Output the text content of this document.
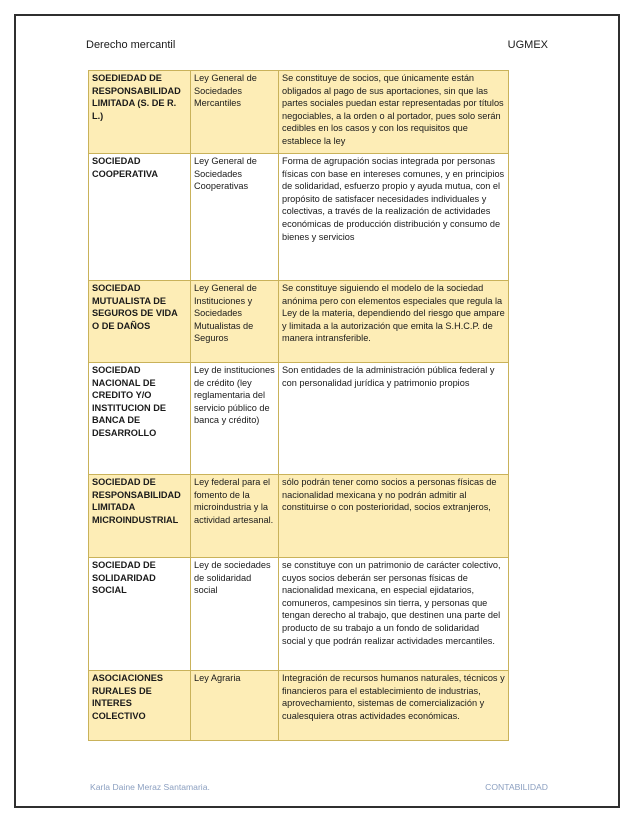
Derecho mercantil	UGMEX
SOEDIEDAD DE RESPONSABILIDAD LIMITADA (S. DE R. L.)	Ley General de Sociedades Mercantiles	Se constituye de socios, que únicamente están obligados al pago de sus aportaciones, sin que las partes sociales puedan estar representadas por títulos negociables, a la orden o al portador, pues solo serán cedibles en los casos y con los requisitos que establece la ley
SOCIEDAD COOPERATIVA	Ley General de Sociedades Cooperativas	Forma de agrupación socias integrada por personas físicas con base en intereses comunes, y en principios de solidaridad, esfuerzo propio y ayuda mutua, con el propósito de satisfacer necesidades individuales y colectivas, a través de la realización de actividades económicas de producción distribución y consumo de bienes y servicios
SOCIEDAD MUTUALISTA DE SEGUROS DE VIDA O DE DAÑOS	Ley General de Instituciones y Sociedades Mutualistas de Seguros	Se constituye siguiendo el modelo de la sociedad anónima pero con elementos especiales que regula la Ley de la materia, dependiendo del riesgo que ampare y limitada a la autorización que emita la S.H.C.P. de manera intransferible.
SOCIEDAD NACIONAL DE CREDITO Y/O INSTITUCION DE BANCA DE DESARROLLO	Ley de instituciones de crédito (ley reglamentaria del servicio público de banca y crédito)	Son entidades de la administración pública federal y con personalidad jurídica y patrimonio propios
SOCIEDAD DE RESPONSABILIDAD LIMITADA MICROINDUSTRIAL	Ley federal para el fomento de la microindustria y la actividad artesanal.	sólo podrán tener como socios a personas físicas de nacionalidad mexicana y no podrán admitir al constituirse o con posterioridad, socios extranjeros,
SOCIEDAD DE SOLIDARIDAD SOCIAL	Ley de sociedades de solidaridad social	se constituye con un patrimonio de carácter colectivo, cuyos socios deberán ser personas físicas de nacionalidad mexicana, en especial ejidatarios, comuneros, campesinos sin tierra, y personas que tengan derecho al trabajo, que destinen una parte del producto de su trabajo a un fondo de solidaridad social y que podrán realizar actividades mercantiles.
ASOCIACIONES RURALES DE INTERES COLECTIVO	Ley Agraria	Integración de recursos humanos naturales, técnicos y financieros para el establecimiento de industrias, aprovechamiento, sistemas de comercialización y cualesquiera otras actividades económicas.
Karla Daine Meraz Santamaria.	CONTABILIDAD
